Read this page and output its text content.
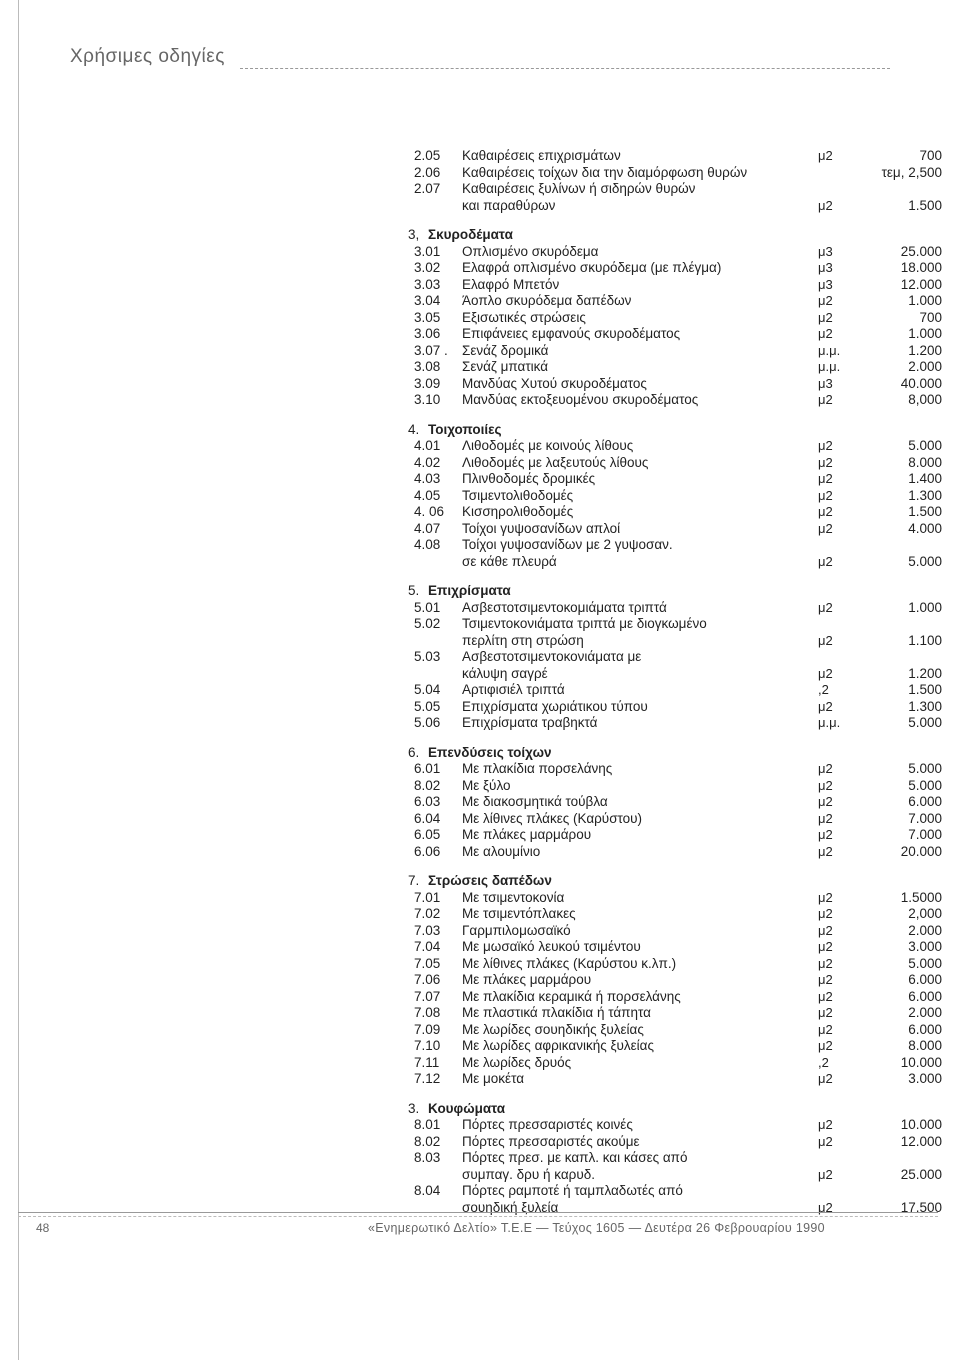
Χρήσιμες οδηγίες
2.05	Καθαιρέσεις επιχρισμάτων	μ2	700
2.06	Καθαιρέσεις τοίχων δια την διαμόρφωση θυρών	τεμ, 2,500
2.07	Καθαιρέσεις ξυλίνων ή σιδηρών θυρών
και παραθύρων	μ2	1.500
3, Σκυροδέματα
3.01	Οπλισμένο σκυρόδεμα	μ3	25.000
3.02	Ελαφρά οπλισμένο σκυρόδεμα (με πλέγμα)	μ3	18.000
3.03	Ελαφρό Μπετόν	μ3	12.000
3.04	Άοπλο σκυρόδεμα δαπέδων	μ2	1.000
3.05	Εξισωτικές στρώσεις	μ2	700
3.06	Επιφάνειες εμφανούς σκυροδέματος	μ2	1.000
3.07 .	Σενάζ δρομικά	μ.μ.	1.200
3.08	Σενάζ μπατικά	μ.μ.	2.000
3.09	Μανδύας Χυτού σκυροδέματος	μ3	40.000
3.10	Μανδύας εκτοξευομένου σκυροδέματος	μ2	8,000
4. Τοιχοποιίες
4.01	Λιθοδομές με κοινούς λίθους	μ2	5.000
4.02	Λιθοδομές με λαξευτούς λίθους	μ2	8.000
4.03	Πλινθοδομές δρομικές	μ2	1.400
4.05	Τσιμεντολιθοδομές	μ2	1.300
4. 06	Κισσηρολιθοδομές	μ2	1.500
4.07	Τοίχοι γυψοσανίδων απλοί	μ2	4.000
4.08	Τοίχοι γυψοσανίδων με 2 γυψοσαν.
σε κάθε πλευρά	μ2	5.000
5. Επιχρίσματα
5.01	Ασβεστοτσιμεντοκομιάματα τριπτά	μ2	1.000
5.02	Τσιμεντοκονιάματα τριπτά με διογκωμένο
περλίτη στη στρώση	μ2	1.100
5.03	Ασβεστοτσιμεντοκονιάματα με
κάλυψη σαγρέ	μ2	1.200
5.04	Αρτιφισιέλ τριπτά	,2	1.500
5.05	Επιχρίσματα χωριάτικου τύπου	μ2	1.300
5.06	Επιχρίσματα τραβηκτά	μ.μ.	5.000
6. Επενδύσεις τοίχων
6.01	Με πλακίδια πορσελάνης	μ2	5.000
8.02	Με ξύλο	μ2	5.000
6.03	Με διακοσμητικά τούβλα	μ2	6.000
6.04	Με λίθινες πλάκες (Καρύστου)	μ2	7.000
6.05	Με πλάκες μαρμάρου	μ2	7.000
6.06	Με αλουμίνιο	μ2	20.000
7. Στρώσεις δαπέδων
7.01	Με τσιμεντοκονία	μ2	1.5000
7.02	Με τσιμεντόπλακες	μ2	2,000
7.03	Γαρμπιλομωσαϊκό	μ2	2.000
7.04	Με μωσαϊκό λευκού τσιμέντου	μ2	3.000
7.05	Με λίθινες πλάκες (Καρύστου κ.λπ.)	μ2	5.000
7.06	Με πλάκες μαρμάρου	μ2	6.000
7.07	Με πλακίδια κεραμικά ή πορσελάνης	μ2	6.000
7.08	Με πλαστικά πλακίδια ή τάπητα	μ2	2.000
7.09	Με λωρίδες σουηδικής ξυλείας	μ2	6.000
7.10	Με λωρίδες αφρικανικής ξυλείας	μ2	8.000
7.11	Με λωρίδες δρυός	,2	10.000
7.12	Με μοκέτα	μ2	3.000
3. Κουφώματα
8.01	Πόρτες πρεσσαριστές κοινές	μ2	10.000
8.02	Πόρτες πρεσσαριστές ακούμε	μ2	12.000
8.03	Πόρτες πρεσ. με καπλ. και κάσες από
συμπαγ. δρυ ή καρυδ.	μ2	25.000
8.04	Πόρτες ραμποτέ ή ταμπλαδωτές από
σουηδική ξυλεία	μ2	17.500
48	«Ενημερωτικό Δελτίο» Τ.Ε.Ε — Τεύχος 1605 — Δευτέρα 26 Φεβρουαρίου 1990
